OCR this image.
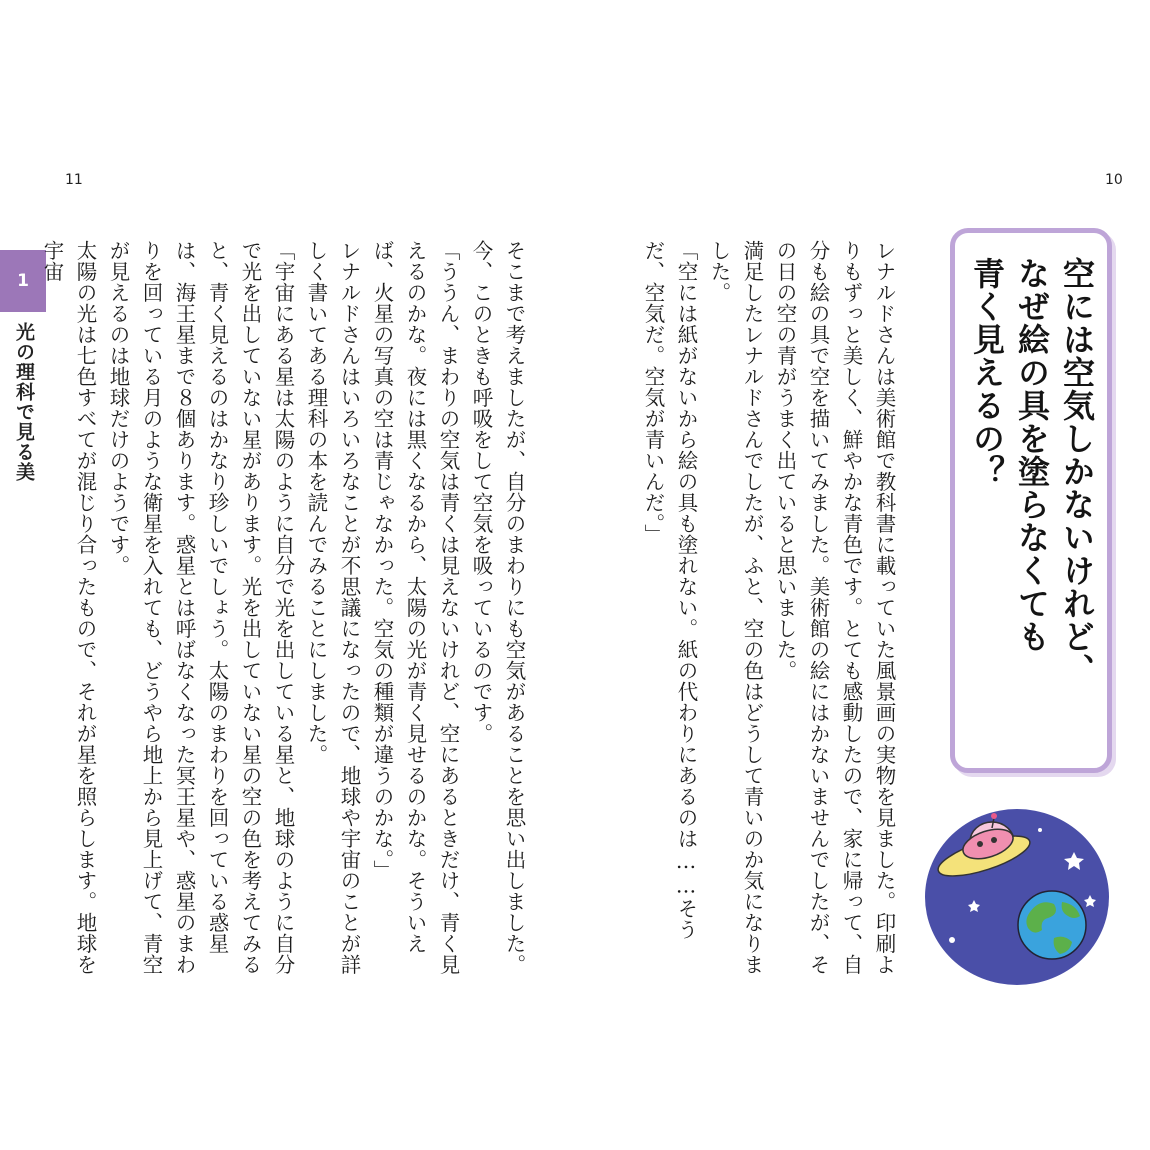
11	10
1
光の理科で見る美	そこまで考えましたが、自分のまわりにも空気があることを思い出しました。今、このときも呼吸をして空気を吸っているのです。

「ううん、まわりの空気は青くは見えないけれど、空にあるときだけ、青く見えるのかな。夜には黒くなるから、太陽の光が青く見せるのかな。そういえば、火星の写真の空は青じゃなかった。空気の種類が違うのかな。」

レナルドさんはいろいろなことが不思議になったので、地球や宇宙のことが詳しく書いてある理科の本を読んでみることにしました。

「宇宙にある星は太陽のように自分で光を出している星と、地球のように自分で光を出していない星があります。光を出していない星の空の色を考えてみると、青く見えるのはかなり珍しいでしょう。太陽のまわりを回っている惑星は、海王星まで８個あります。惑星とは呼ばなくなった冥王星や、惑星のまわりを回っている月のような衛星を入れても、どうやら地上から見上げて、青空が見えるのは地球だけのようです。

太陽の光は七色すべてが混じり合ったもので、それが星を照らします。地球を宇宙	レナルドさんは美術館で教科書に載っていた風景画の実物を見ました。印刷よりもずっと美しく、鮮やかな青色です。とても感動したので、家に帰って、自分も絵の具で空を描いてみました。美術館の絵にはかないませんでしたが、その日の空の青がうまく出ていると思いました。

満足したレナルドさんでしたが、ふと、空の色はどうして青いのか気になりました。

「空には紙がないから絵の具も塗れない。紙の代わりにあるのは……そうだ、空気だ。空気が青いんだ。」	空には空気しかないけれど、
なぜ絵の具を塗らなくても
青く見えるの？
